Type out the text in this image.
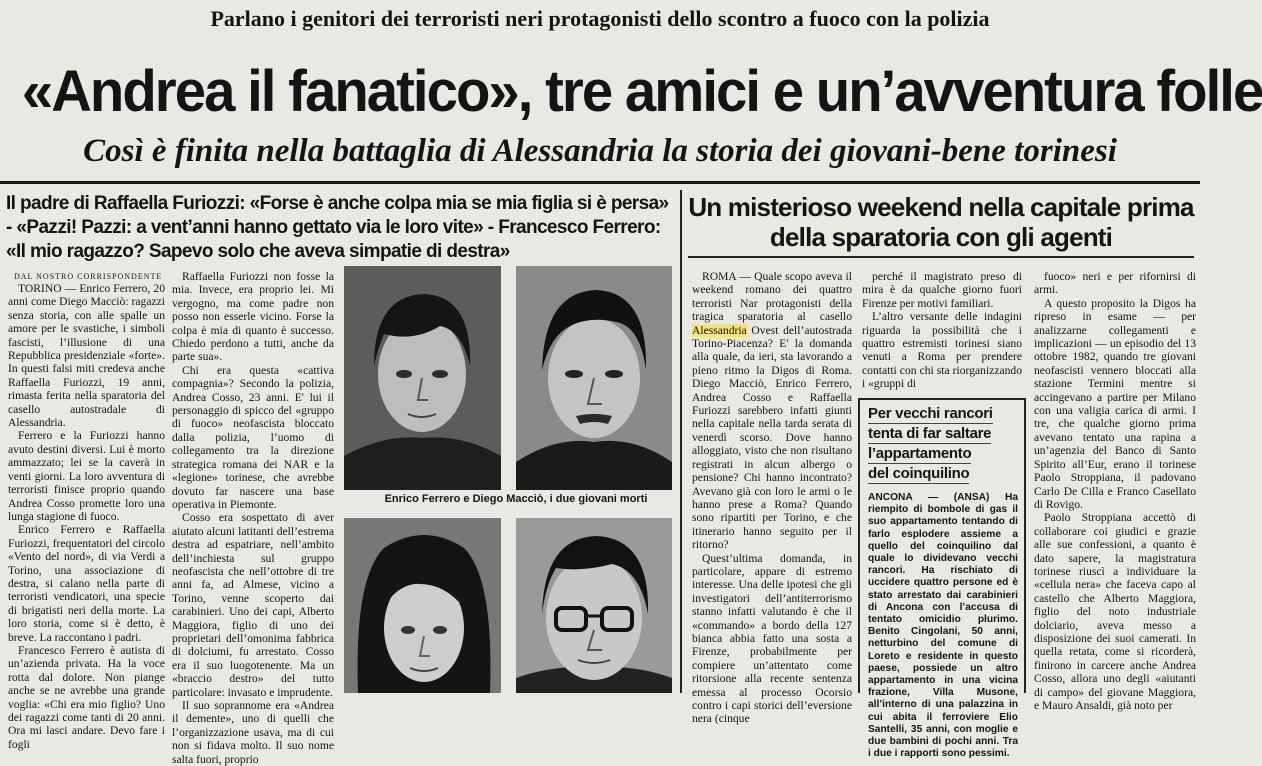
Parlano i genitori dei terroristi neri protagonisti dello scontro a fuoco con la polizia
«Andrea il fanatico», tre amici e un’avventura folle
Così è finita nella battaglia di Alessandria la storia dei giovani-bene torinesi
Il padre di Raffaella Furiozzi: «Forse è anche colpa mia se mia figlia si è persa» - «Pazzi! Pazzi: a vent’anni hanno gettato via le loro vite» - Francesco Ferrero: «Il mio ragazzo? Sapevo solo che aveva simpatie di destra»
Un misterioso weekend nella capitale prima della sparatoria con gli agenti
DAL NOSTRO CORRISPONDENTE

TORINO — Enrico Ferrero, 20 anni come Diego Macciò: ragazzi senza storia, con alle spalle un amore per le svastiche, i simboli fascisti, l’illusione di una Repubblica presidenziale «forte». In questi falsi miti credeva anche Raffaella Furiozzi, 19 anni, rimasta ferita nella sparatoria del casello autostradale di Alessandria.

Ferrero e la Furiozzi hanno avuto destini diversi. Lui è morto ammazzato; lei se la caverà in venti giorni. La loro avventura di terroristi finisce proprio quando Andrea Cosso promette loro una lunga stagione di fuoco.

Enrico Ferrero e Raffaella Furiozzi, frequentatori del circolo «Vento del nord», di via Verdi a Torino, una associazione di destra, si calano nella parte di terroristi vendicatori, una specie di brigatisti neri della morte. La loro storia, come si è detto, è breve. La raccontano i padri.

Francesco Ferrero è autista di un’azienda privata. Ha la voce rotta dal dolore. Non piange anche se ne avrebbe una grande voglia: «Chi era mio figlio? Uno dei ragazzi come tanti di 20 anni. Ora mi lasci andare. Devo fare i fogli

Raffaella Furiozzi non fosse la mia. Invece, era proprio lei. Mi vergogno, ma come padre non posso non esserle vicino. Forse la colpa è mia di quanto è successo. Chiedo perdono a tutti, anche da parte sua».

Chi era questa «cattiva compagnia»? Secondo la polizia, Andrea Cosso, 23 anni. E' lui il personaggio di spicco del «gruppo di fuoco» neofascista bloccato dalla polizia, l’uomo di collegamento tra la direzione strategica romana dei NAR e la «legione» torinese, che avrebbe dovuto far nascere una base operativa in Piemonte.

Cosso era sospettato di aver aiutato alcuni latitanti dell’estrema destra ad espatriare, nell’ambito dell’inchiesta sul gruppo neofascista che nell’ottobre di tre anni fa, ad Almese, vicino a Torino, venne scoperto dai carabinieri. Uno dei capi, Alberto Maggiora, figlio di uno dei proprietari dell’omonima fabbrica di dolciumi, fu arrestato. Cosso era il suo luogotenente. Ma un «braccio destro» del tutto particolare: invasato e imprudente.

Il suo soprannome era «Andrea il demente», uno di quelli che l’organizzazione usava, ma di cui non si fidava molto. Il suo nome salta fuori, proprio

Enrico Ferrero e Diego Macciò, i due giovani morti

ROMA — Quale scopo aveva il weekend romano dei quattro terroristi Nar protagonisti della tragica sparatoria al casello Alessandria Ovest dell’autostrada Torino-Piacenza? E' la domanda alla quale, da ieri, sta lavorando a pieno ritmo la Digos di Roma. Diego Macciò, Enrico Ferrero, Andrea Cosso e Raffaella Furiozzi sarebbero infatti giunti nella capitale nella tarda serata di venerdì scorso. Dove hanno alloggiato, visto che non risultano registrati in alcun albergo o pensione? Chi hanno incontrato? Avevano già con loro le armi o le hanno prese a Roma? Quando sono ripartiti per Torino, e che itinerario hanno seguito per il ritorno?

Quest’ultima domanda, in particolare, appare di estremo interesse. Una delle ipotesi che gli investigatori dell’antiterrorismo stanno infatti valutando è che il «commando» a bordo della 127 bianca abbia fatto una sosta a Firenze, probabilmente per compiere un’attentato come ritorsione alla recente sentenza emessa al processo Ocorsio contro i capi storici dell’eversione nera (cinque

perché il magistrato preso di mira è da qualche giorno fuori Firenze per motivi familiari.

L’altro versante delle indagini riguarda la possibilità che i quattro estremisti torinesi siano venuti a Roma per prendere contatti con chi sta riorganizzando i «gruppi di

Per vecchi rancori
tenta di far saltare
l’appartamento
del coinquilino
ANCONA — (ANSA) Ha riempito di bombole di gas il suo appartamento tentando di farlo esplodere assieme a quello del coinquilino dal quale lo dividevano vecchi rancori. Ha rischiato di uccidere quattro persone ed è stato arrestato dai carabinieri di Ancona con l’accusa di tentato omicidio plurimo. Benito Cingolani, 50 anni, netturbino del comune di Loreto e residente in questo paese, possiede un altro appartamento in una vicina frazione, Villa Musone, all’interno di una palazzina in cui abita il ferroviere Elio Santelli, 35 anni, con moglie e due bambini di pochi anni. Tra i due i rapporti sono pessimi.

fuoco» neri e per rifornirsi di armi.

A questo proposito la Digos ha ripreso in esame — per analizzarne collegamenti e implicazioni — un episodio del 13 ottobre 1982, quando tre giovani neofascisti vennero bloccati alla stazione Termini mentre si accingevano a partire per Milano con una valigia carica di armi. I tre, che qualche giorno prima avevano tentato una rapina a un’agenzia del Banco di Santo Spirito all’Eur, erano il torinese Paolo Stroppiana, il padovano Carlo De Cilla e Franco Casellato di Rovigo.

Paolo Stroppiana accettò di collaborare coi giudici e grazie alle sue confessioni, a quanto è dato sapere, la magistratura torinese riuscì a individuare la «cellula nera» che faceva capo al castello che Alberto Maggiora, figlio del noto industriale dolciario, aveva messo a disposizione dei suoi camerati. In quella retata, come si ricorderà, finirono in carcere anche Andrea Cosso, allora uno degli «aiutanti di campo» del giovane Maggiora, e Mauro Ansaldi, già noto per
